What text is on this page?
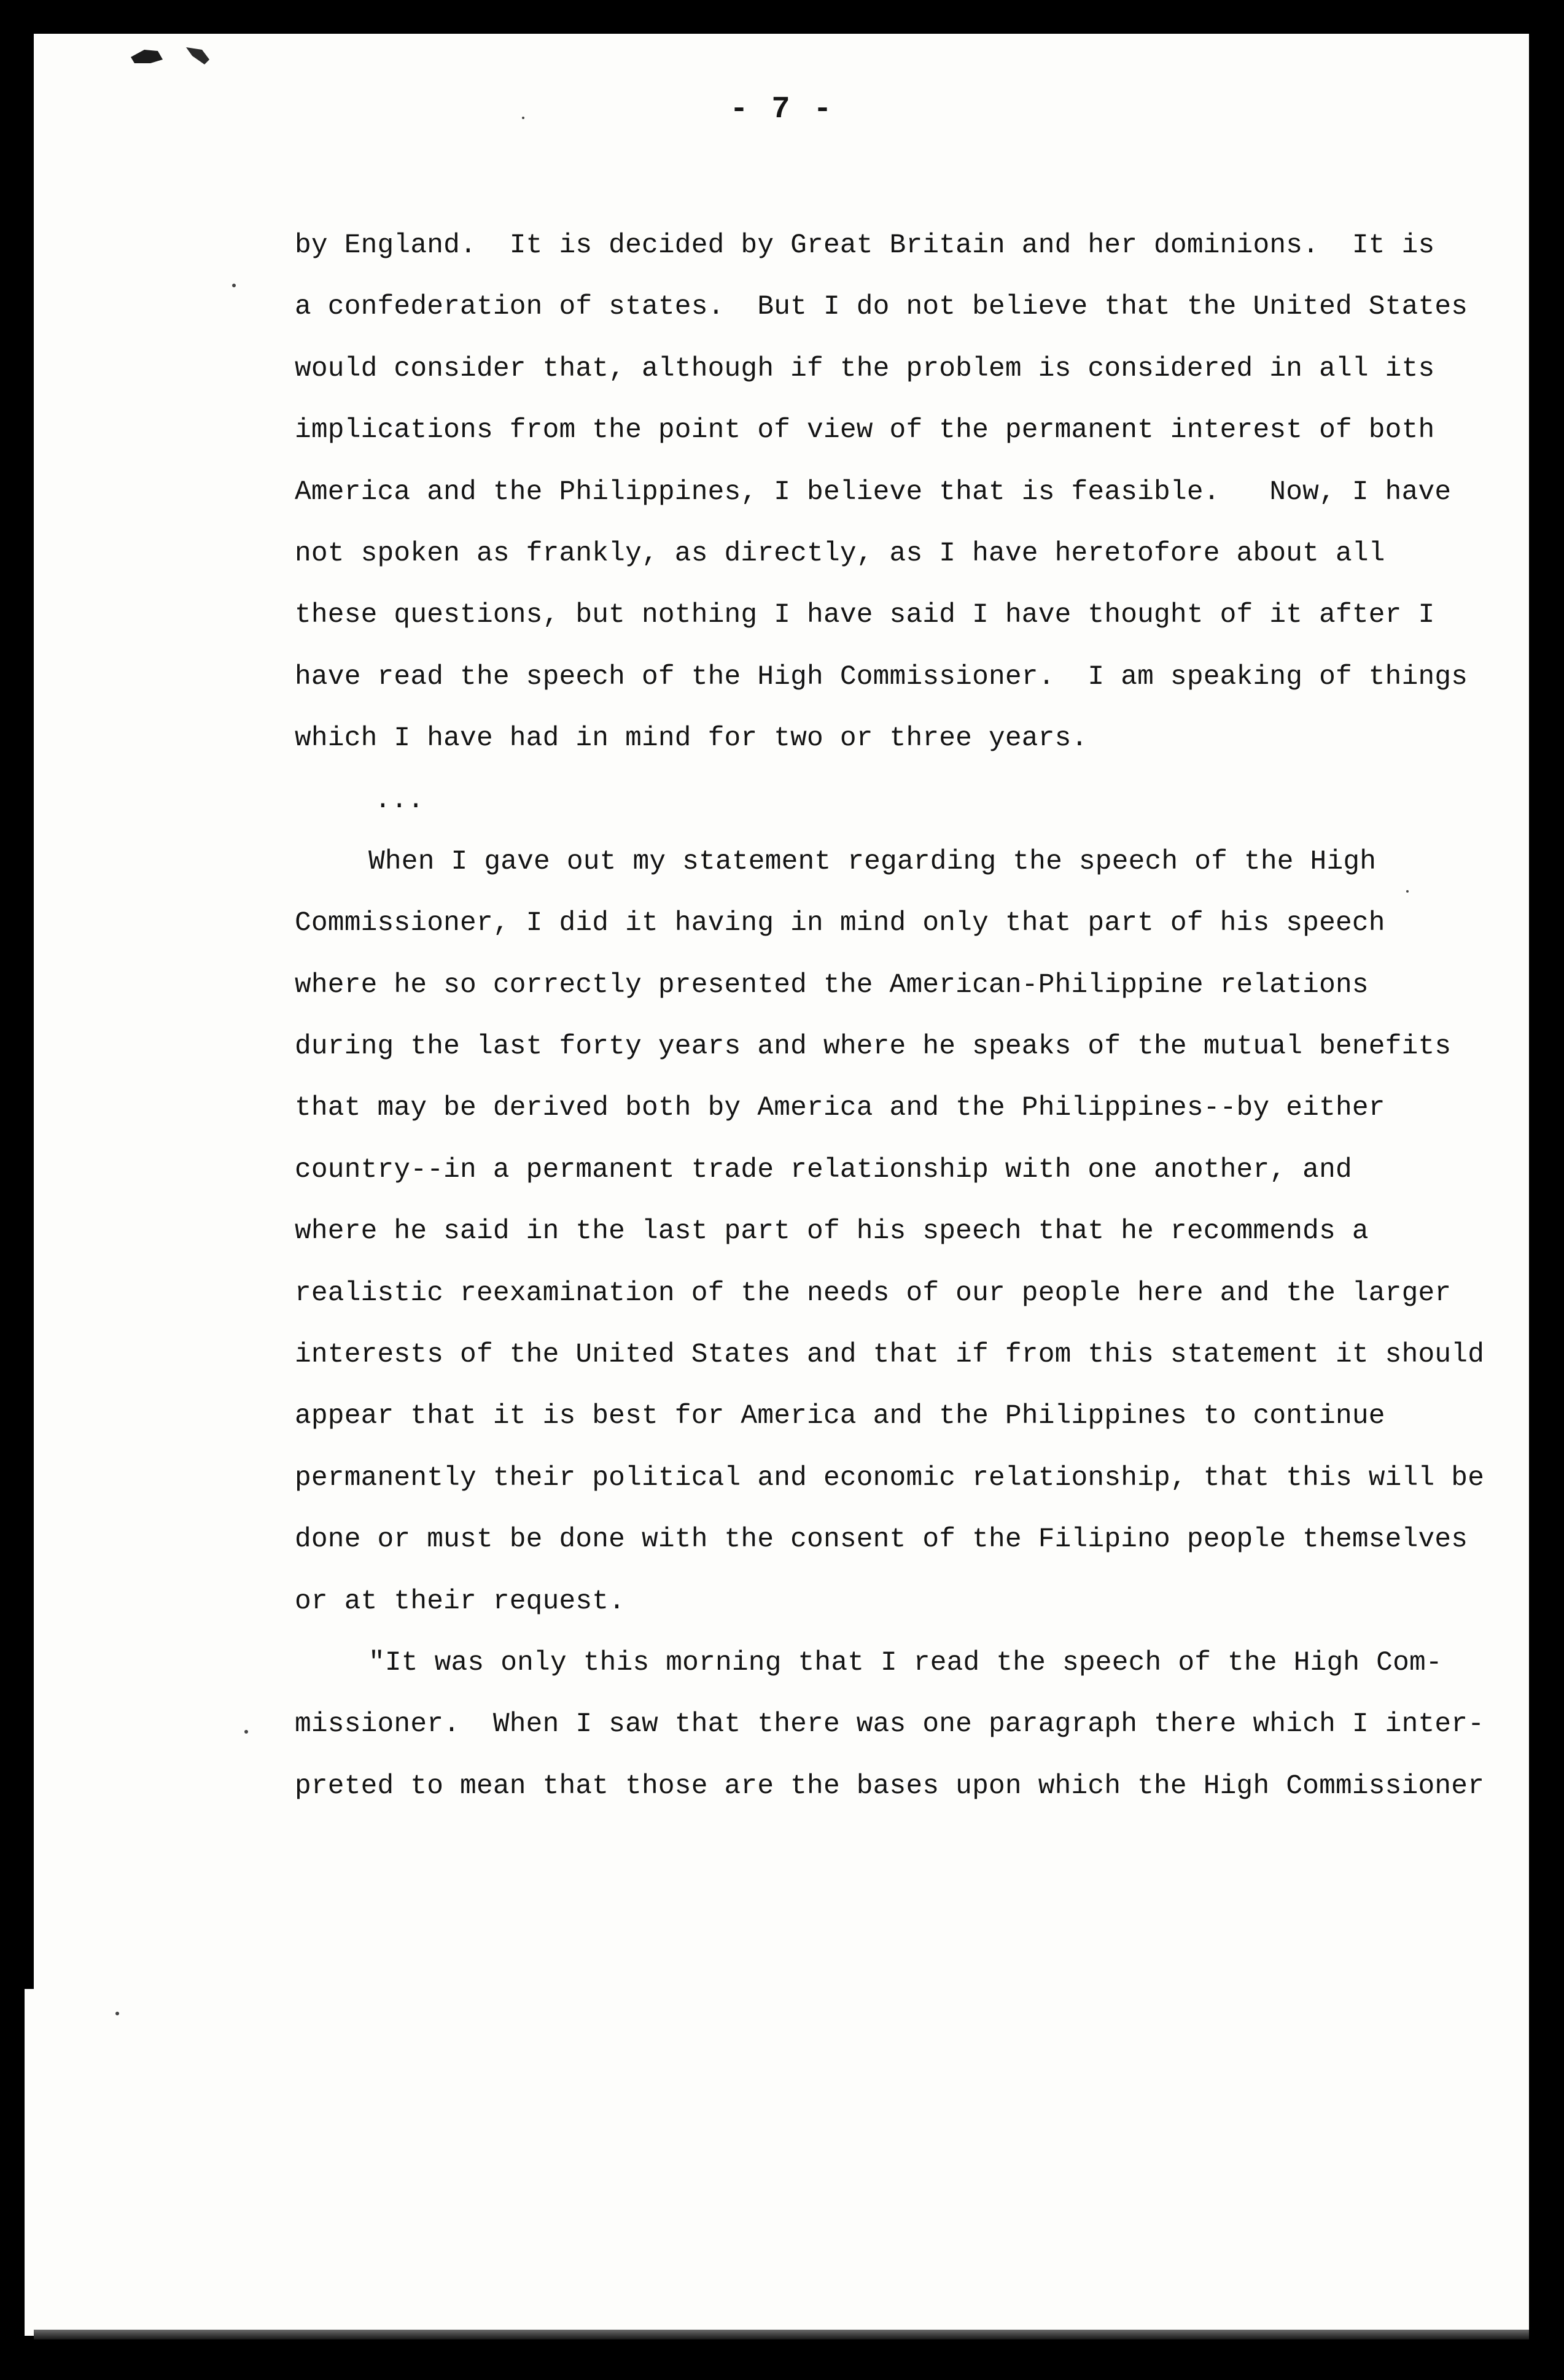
- 7 -
by England.  It is decided by Great Britain and her dominions.  It is
a confederation of states.  But I do not believe that the United States
would consider that, although if the problem is considered in all its
implications from the point of view of the permanent interest of both
America and the Philippines, I believe that is feasible.   Now, I have
not spoken as frankly, as directly, as I have heretofore about all
these questions, but nothing I have said I have thought of it after I
have read the speech of the High Commissioner.  I am speaking of things
which I have had in mind for two or three years.
...
When I gave out my statement regarding the speech of the High
Commissioner, I did it having in mind only that part of his speech
where he so correctly presented the American-Philippine relations
during the last forty years and where he speaks of the mutual benefits
that may be derived both by America and the Philippines--by either
country--in a permanent trade relationship with one another, and
where he said in the last part of his speech that he recommends a
realistic reexamination of the needs of our people here and the larger
interests of the United States and that if from this statement it should
appear that it is best for America and the Philippines to continue
permanently their political and economic relationship, that this will be
done or must be done with the consent of the Filipino people themselves
or at their request.
"It was only this morning that I read the speech of the High Com-
missioner.  When I saw that there was one paragraph there which I inter-
preted to mean that those are the bases upon which the High Commissioner
